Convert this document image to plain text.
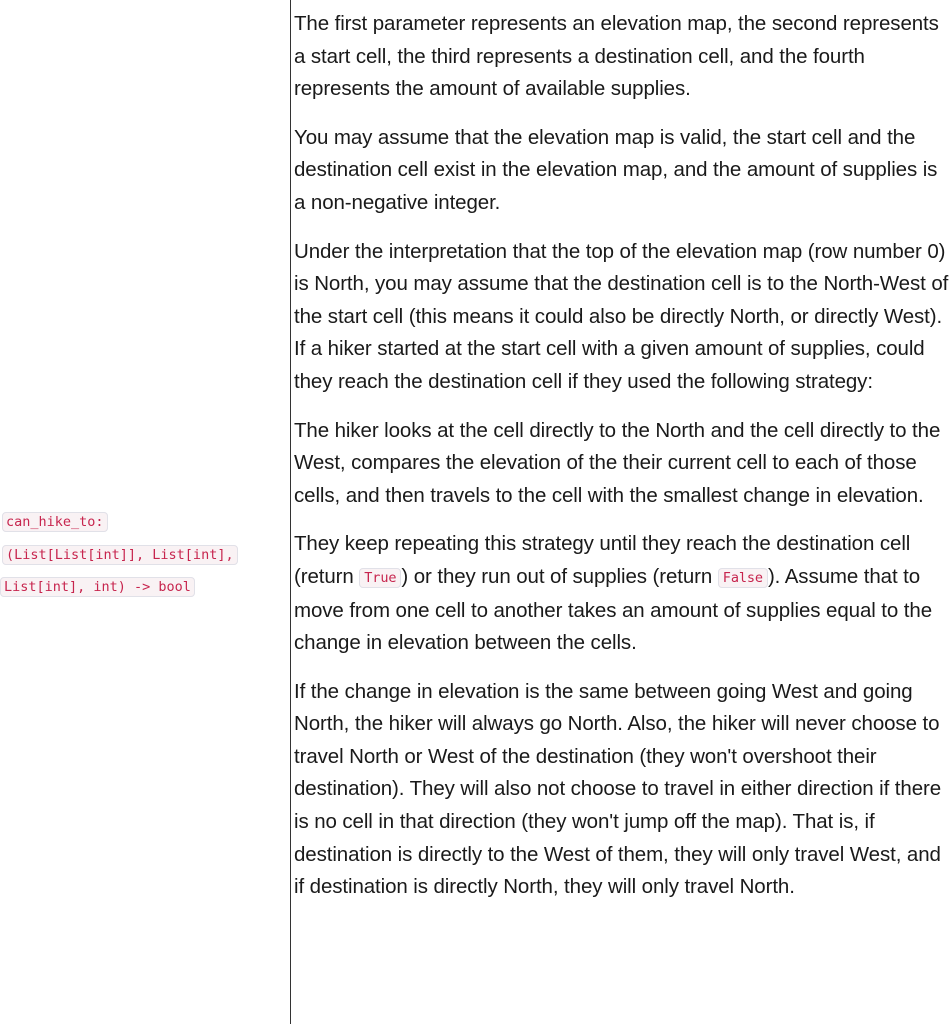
can_hike_to:
(List[List[int]], List[int],
List[int], int) -> bool

The first parameter represents an elevation map, the second represents a start cell, the third represents a destination cell, and the fourth represents the amount of available supplies.

You may assume that the elevation map is valid, the start cell and the destination cell exist in the elevation map, and the amount of supplies is a non-negative integer.

Under the interpretation that the top of the elevation map (row number 0) is North, you may assume that the destination cell is to the North-West of the start cell (this means it could also be directly North, or directly West). If a hiker started at the start cell with a given amount of supplies, could they reach the destination cell if they used the following strategy:

The hiker looks at the cell directly to the North and the cell directly to the West, compares the elevation of the their current cell to each of those cells, and then travels to the cell with the smallest change in elevation.

They keep repeating this strategy until they reach the destination cell (return True ) or they run out of supplies (return False ). Assume that to move from one cell to another takes an amount of supplies equal to the change in elevation between the cells.

If the change in elevation is the same between going West and going North, the hiker will always go North. Also, the hiker will never choose to travel North or West of the destination (they won't overshoot their destination). They will also not choose to travel in either direction if there is no cell in that direction (they won't jump off the map). That is, if destination is directly to the West of them, they will only travel West, and if destination is directly North, they will only travel North.
